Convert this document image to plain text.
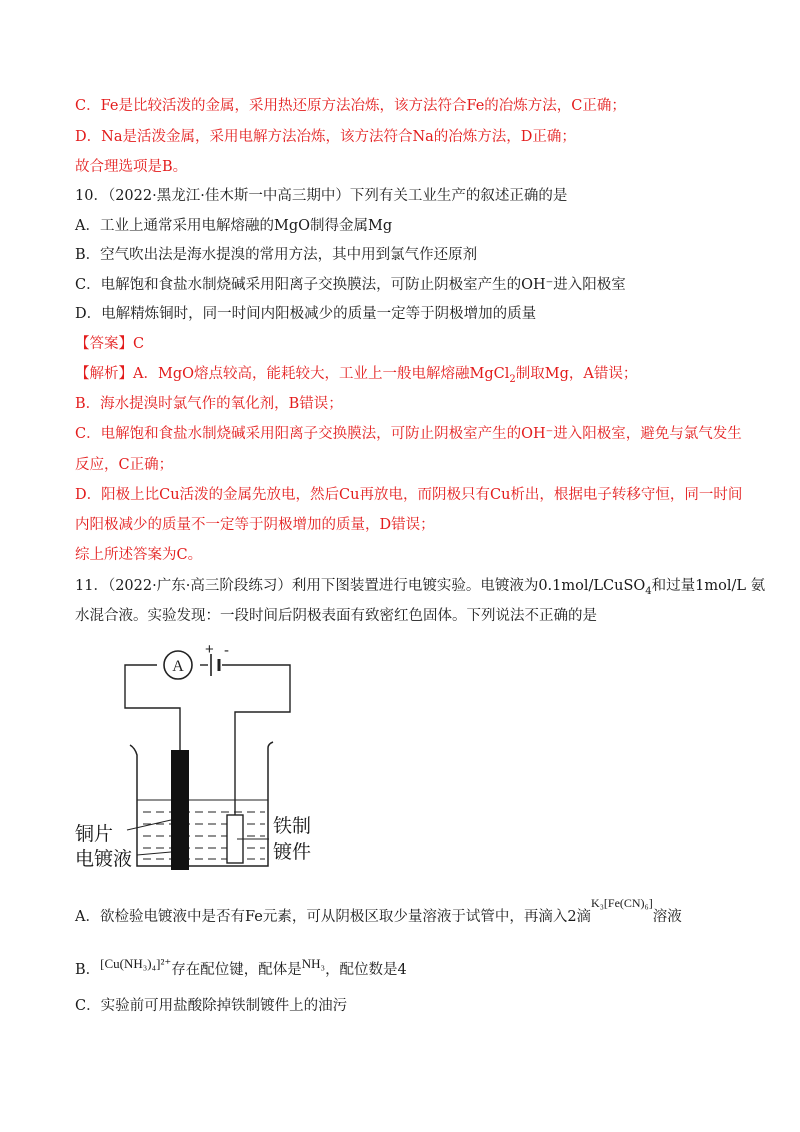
C．Fe是比较活泼的金属，采用热还原方法冶炼，该方法符合Fe的冶炼方法，C正确；
D．Na是活泼金属，采用电解方法冶炼，该方法符合Na的冶炼方法，D正确；
故合理选项是B。
10．（2022·黑龙江·佳木斯一中高三期中）下列有关工业生产的叙述正确的是
A．工业上通常采用电解熔融的MgO制得金属Mg
B．空气吹出法是海水提溴的常用方法，其中用到氯气作还原剂
C．电解饱和食盐水制烧碱采用阳离子交换膜法，可防止阴极室产生的OH⁻进入阳极室
D．电解精炼铜时，同一时间内阳极减少的质量一定等于阴极增加的质量
【答案】C
【解析】A．MgO熔点较高，能耗较大，工业上一般电解熔融MgCl$_2$制取Mg，A错误；
B．海水提溴时氯气作的氧化剂，B错误；
C．电解饱和食盐水制烧碱采用阳离子交换膜法，可防止阴极室产生的OH⁻进入阳极室，避免与氯气发生
反应，C正确；
D．阳极上比Cu活泼的金属先放电，然后Cu再放电，而阴极只有Cu析出，根据电子转移守恒，同一时间
内阳极减少的质量不一定等于阴极增加的质量，D错误；
综上所述答案为C。
11．（2022·广东·高三阶段练习）利用下图装置进行电镀实验。电镀液为0.1mol/LCuSO$_4$和过量1mol/L 氨
水混合液。实验发现：一段时间后阴极表面有致密红色固体。下列说法不正确的是
A
+ -
铜片
电镀液
铁制
镀件
A．欲检验电镀液中是否有Fe元素，可从阴极区取少量溶液于试管中，再滴入2滴$^{K_3[Fe(CN)_6]}$溶液
B．[Cu(NH₃)₄]²⁺存在配位键，配体是NH₃，配位数是4
C．实验前可用盐酸除掉铁制镀件上的油污
